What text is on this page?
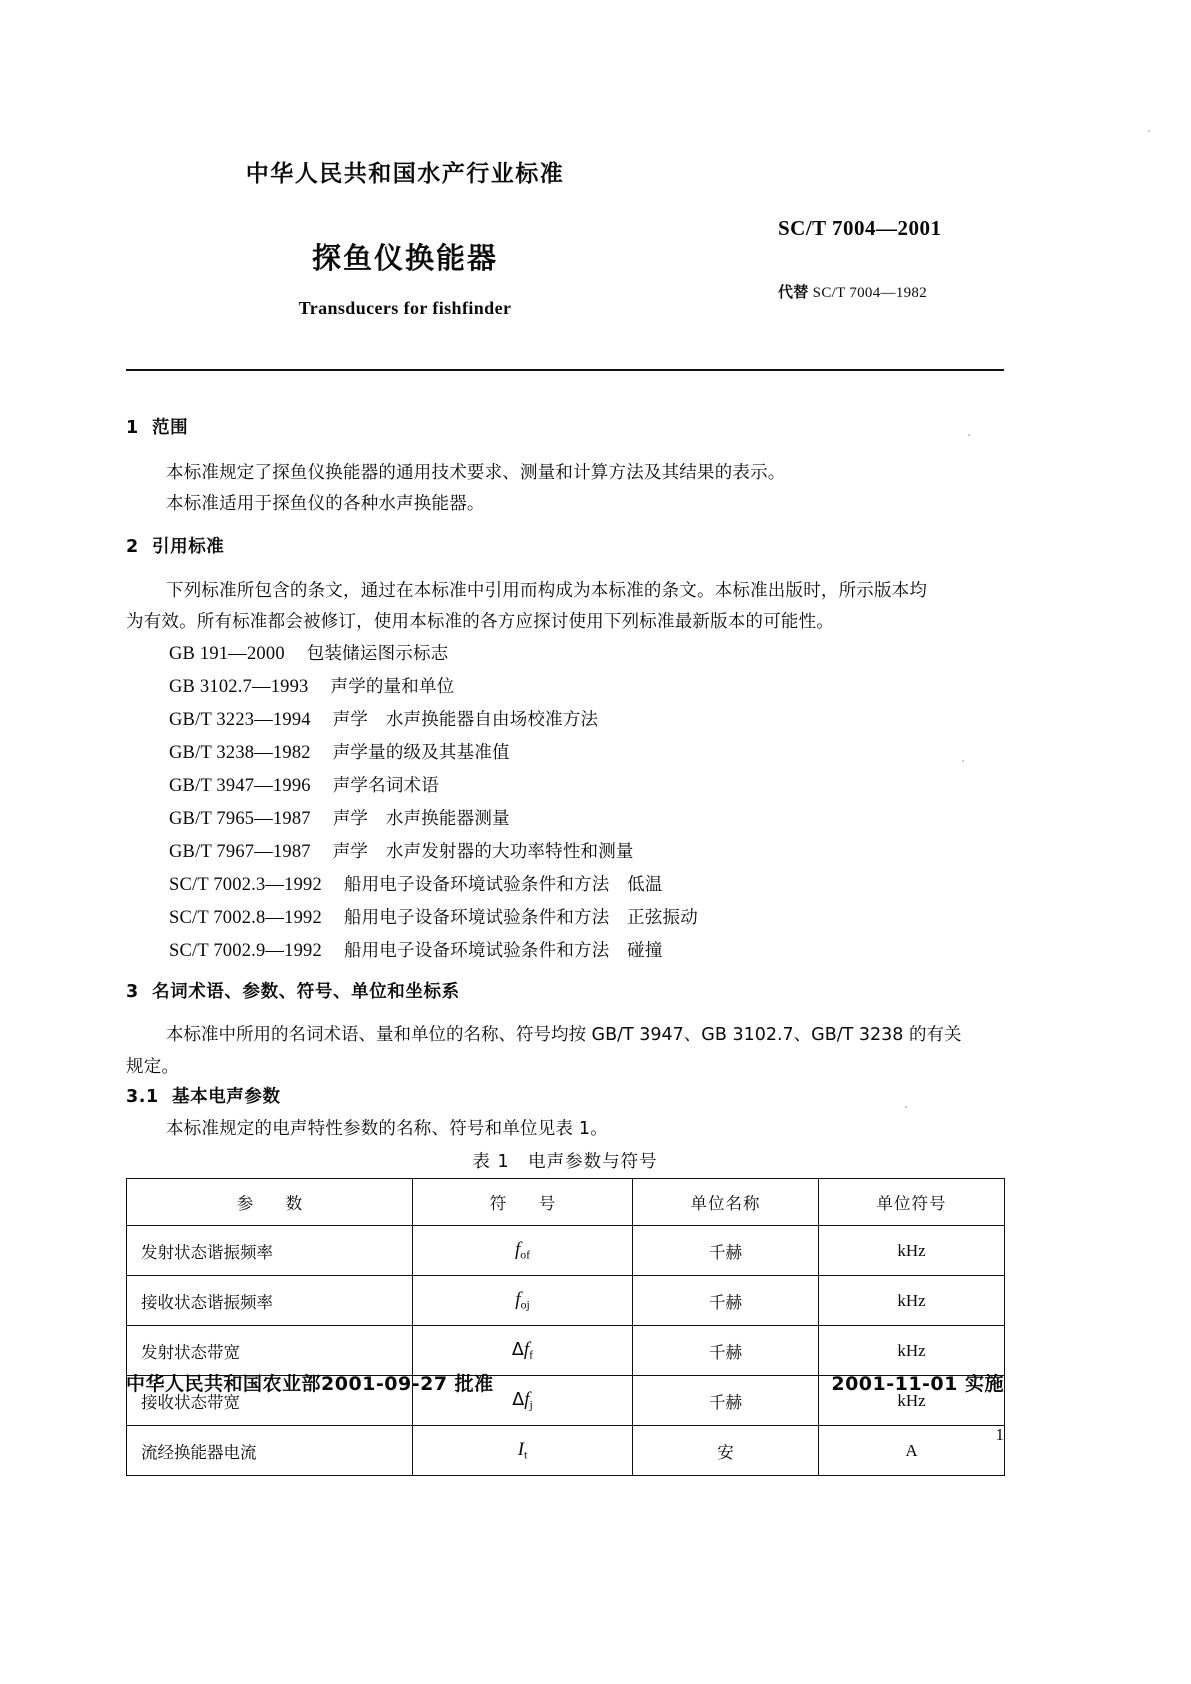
中华人民共和国水产行业标准
探鱼仪换能器
Transducers for fishfinder
SC/T 7004—2001
代替 SC/T 7004—1982
1 范围
本标准规定了探鱼仪换能器的通用技术要求、测量和计算方法及其结果的表示。
本标准适用于探鱼仪的各种水声换能器。
2 引用标准
下列标准所包含的条文，通过在本标准中引用而构成为本标准的条文。本标准出版时，所示版本均
为有效。所有标准都会被修订，使用本标准的各方应探讨使用下列标准最新版本的可能性。
GB 191—2000 包装储运图示标志
GB 3102.7—1993 声学的量和单位
GB/T 3223—1994 声学　水声换能器自由场校准方法
GB/T 3238—1982 声学量的级及其基准值
GB/T 3947—1996 声学名词术语
GB/T 7965—1987 声学　水声换能器测量
GB/T 7967—1987 声学　水声发射器的大功率特性和测量
SC/T 7002.3—1992 船用电子设备环境试验条件和方法　低温
SC/T 7002.8—1992 船用电子设备环境试验条件和方法　正弦振动
SC/T 7002.9—1992 船用电子设备环境试验条件和方法　碰撞
3 名词术语、参数、符号、单位和坐标系
本标准中所用的名词术语、量和单位的名称、符号均按 GB/T 3947、GB 3102.7、GB/T 3238 的有关
规定。
3.1 基本电声参数
本标准规定的电声特性参数的名称、符号和单位见表 1。
表 1　电声参数与符号
参　数	符　号	单位名称	单位符号
发射状态谐振频率	$f_{of}$	千赫	kHz
接收状态谐振频率	$f_{oj}$	千赫	kHz
发射状态带宽	$\Delta f_f$	千赫	kHz
接收状态带宽	$\Delta f_j$	千赫	kHz
流经换能器电流	$I_t$	安	A
中华人民共和国农业部2001‐09‐27 批准	2001‐11‐01 实施
1
